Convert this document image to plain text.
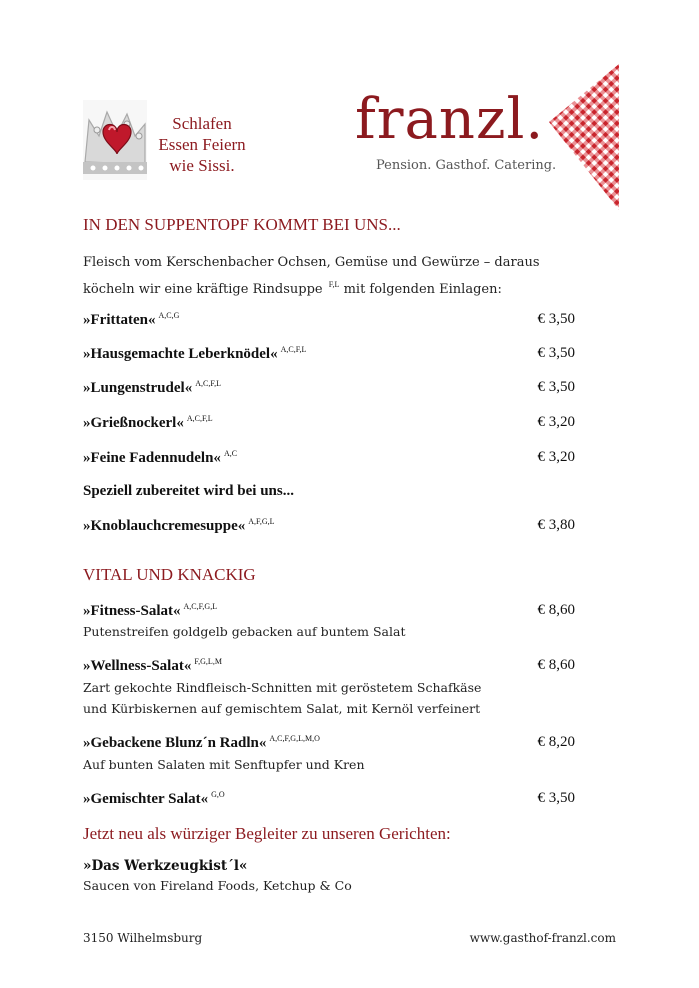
Schlafen
Essen Feiern
wie Sissi.
franzl.
Pension. Gasthof. Catering.
IN DEN SUPPENTOPF KOMMT BEI UNS...
Fleisch vom Kerschenbacher Ochsen, Gemüse und Gewürze – daraus
köcheln wir eine kräftige Rindsuppe $^{F,L}$ mit folgenden Einlagen:
»Frittaten« $^{A,C,G}$	€ 3,50
»Hausgemachte Leberknödel« $^{A,C,F,L}$	€ 3,50
»Lungenstrudel« $^{A,C,F,L}$	€ 3,50
»Grießnockerl« $^{A,C,F,L}$	€ 3,20
»Feine Fadennudeln« $^{A,C}$	€ 3,20
Speziell zubereitet wird bei uns...
»Knoblauchcremesuppe« $^{A,F,G,L}$	€ 3,80
VITAL UND KNACKIG
»Fitness-Salat« $^{A,C,F,G,L}$	€ 8,60
Putenstreifen goldgelb gebacken auf buntem Salat
»Wellness-Salat« $^{F,G,L,M}$	€ 8,60
Zart gekochte Rindfleisch-Schnitten mit geröstetem Schafkäse
und Kürbiskernen auf gemischtem Salat, mit Kernöl verfeinert
»Gebackene Blunz´n Radln« $^{A,C,F,G,L,M,O}$	€ 8,20
Auf bunten Salaten mit Senftupfer und Kren
»Gemischter Salat« $^{G,O}$	€ 3,50
Jetzt neu als würziger Begleiter zu unseren Gerichten:
»Das Werkzeugkist´l«
Saucen von Fireland Foods, Ketchup & Co
3150 Wilhelmsburg	www.gasthof-franzl.com
